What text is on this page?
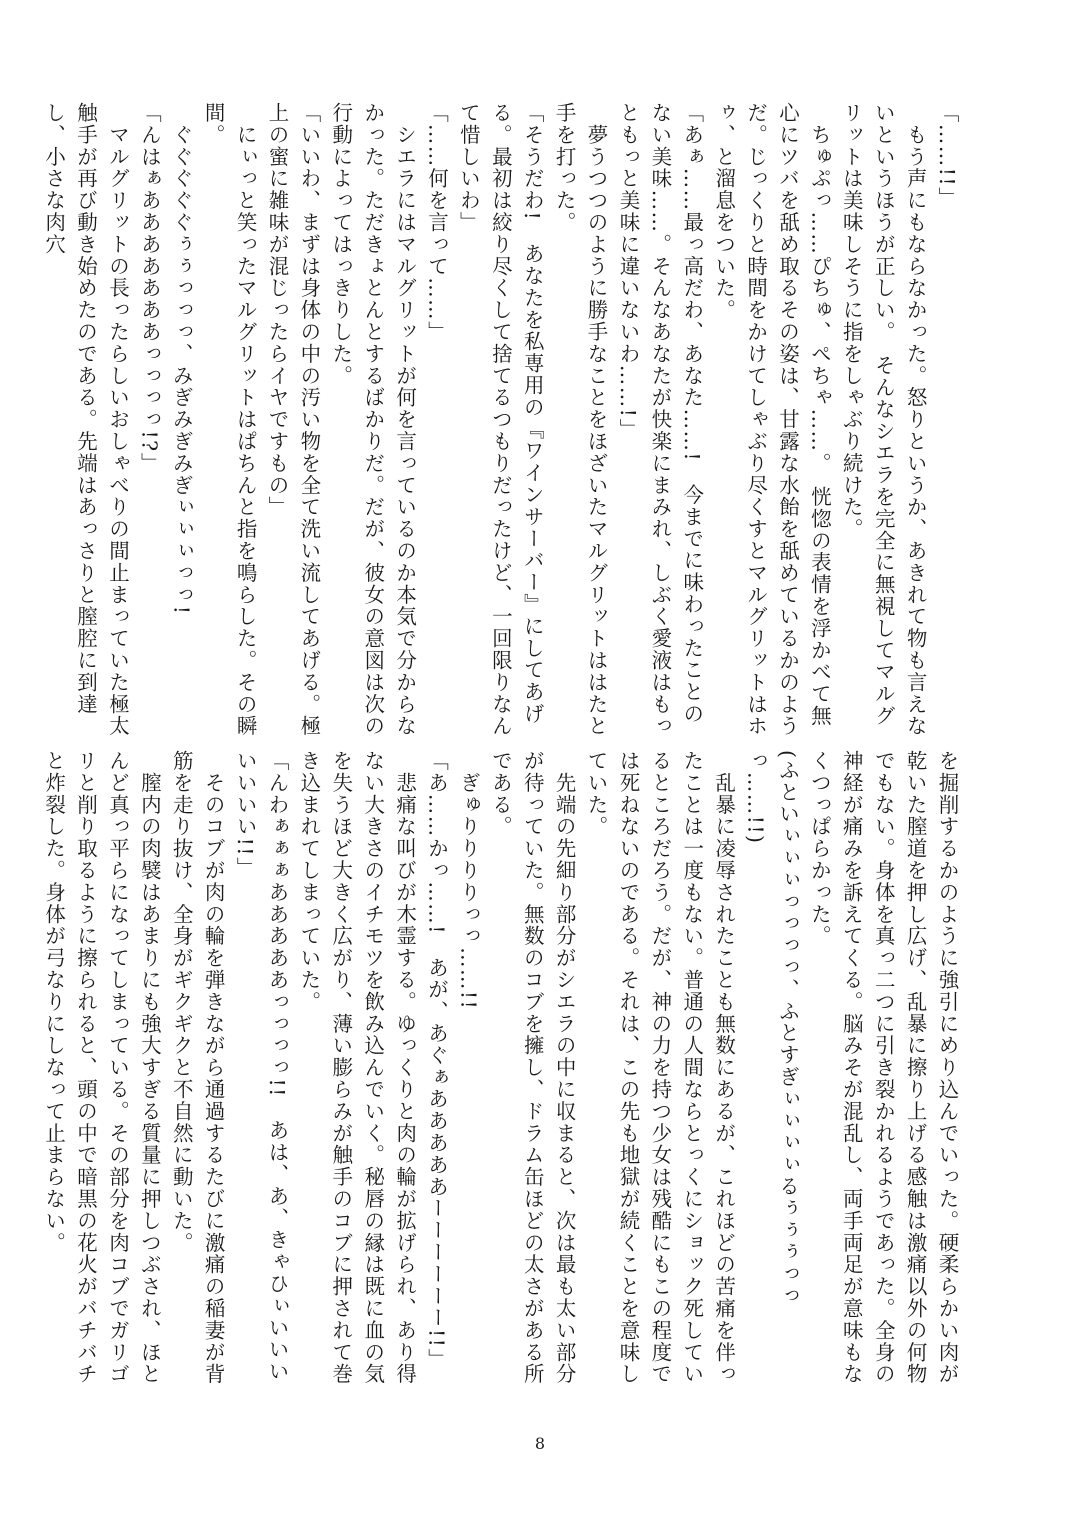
「……!!」

　もう声にもならなかった。怒りというか、あきれて物も言えないというほうが正しい。　そんなシエラを完全に無視してマルグリットは美味しそうに指をしゃぶり続けた。

　ちゅぷっ……ぴちゅ、ぺちゃ……。　恍惚の表情を浮かべて無心にツバを舐め取るその姿は、甘露な水飴を舐めているかのようだ。じっくりと時間をかけてしゃぶり尽くすとマルグリットはホゥ、と溜息をついた。

「あぁ……最っ高だわ、あなた……!　今までに味わったことのない美味……。そんなあなたが快楽にまみれ、しぶく愛液はもっともっと美味に違いないわ……!」

　夢うつつのように勝手なことをほざいたマルグリットははたと手を打った。

「そうだわ!　あなたを私専用の『ワインサーバー』にしてあげる。最初は絞り尽くして捨てるつもりだったけど、一回限りなんて惜しいわ」

「……何を言って……」

　シエラにはマルグリットが何を言っているのか本気で分からなかった。ただきょとんとするばかりだ。だが、彼女の意図は次の行動によってはっきりした。

「いいわ、まずは身体の中の汚い物を全て洗い流してあげる。極上の蜜に雑味が混じったらイヤですもの」

　にぃっと笑ったマルグリットはぱちんと指を鳴らした。その瞬間。

　ぐぐぐぐぐぅぅっっっ、みぎみぎみぎぃぃぃっっ!

「んはぁあああああああっっっっ!?」

　マルグリットの長ったらしいおしゃべりの間止まっていた極太触手が再び動き始めたのである。先端はあっさりと膣腔に到達し、小さな肉穴

を掘削するかのように強引にめり込んでいった。硬柔らかい肉が乾いた膣道を押し広げ、乱暴に擦り上げる感触は激痛以外の何物でもない。身体を真っ二つに引き裂かれるようであった。全身の神経が痛みを訴えてくる。脳みそが混乱し、両手両足が意味もなくつっぱらかった。

(ふといぃぃぃっっっっ、ふとすぎぃぃぃぃるぅぅぅっっっ……!!)

　乱暴に凌辱されたことも無数にあるが、これほどの苦痛を伴ったことは一度もない。普通の人間ならとっくにショック死しているところだろう。だが、神の力を持つ少女は残酷にもこの程度では死ねないのである。それは、この先も地獄が続くことを意味していた。

　先端の先細り部分がシエラの中に収まると、次は最も太い部分が待っていた。無数のコブを擁し、ドラム缶ほどの太さがある所である。

　ぎゅりりりりっっ……!!

「あ……かっ……!　あが、あぐぁあああああーーーーーー!!」

　悲痛な叫びが木霊する。ゆっくりと肉の輪が拡げられ、あり得ない大きさのイチモツを飲み込んでいく。秘唇の縁は既に血の気を失うほど大きく広がり、薄い膨らみが触手のコブに押されて巻き込まれてしまっていた。

「んわぁぁぁあああああっっっっ!!　あは、あ、きゃひぃいいいいいいい!!」

　そのコブが肉の輪を弾きながら通過するたびに激痛の稲妻が背筋を走り抜け、全身がギクギクと不自然に動いた。

　膣内の肉襞はあまりにも強大すぎる質量に押しつぶされ、ほとんど真っ平らになってしまっている。その部分を肉コブでガリゴリと削り取るように擦られると、頭の中で暗黒の花火がバチバチと炸裂した。身体が弓なりにしなって止まらない。

8
